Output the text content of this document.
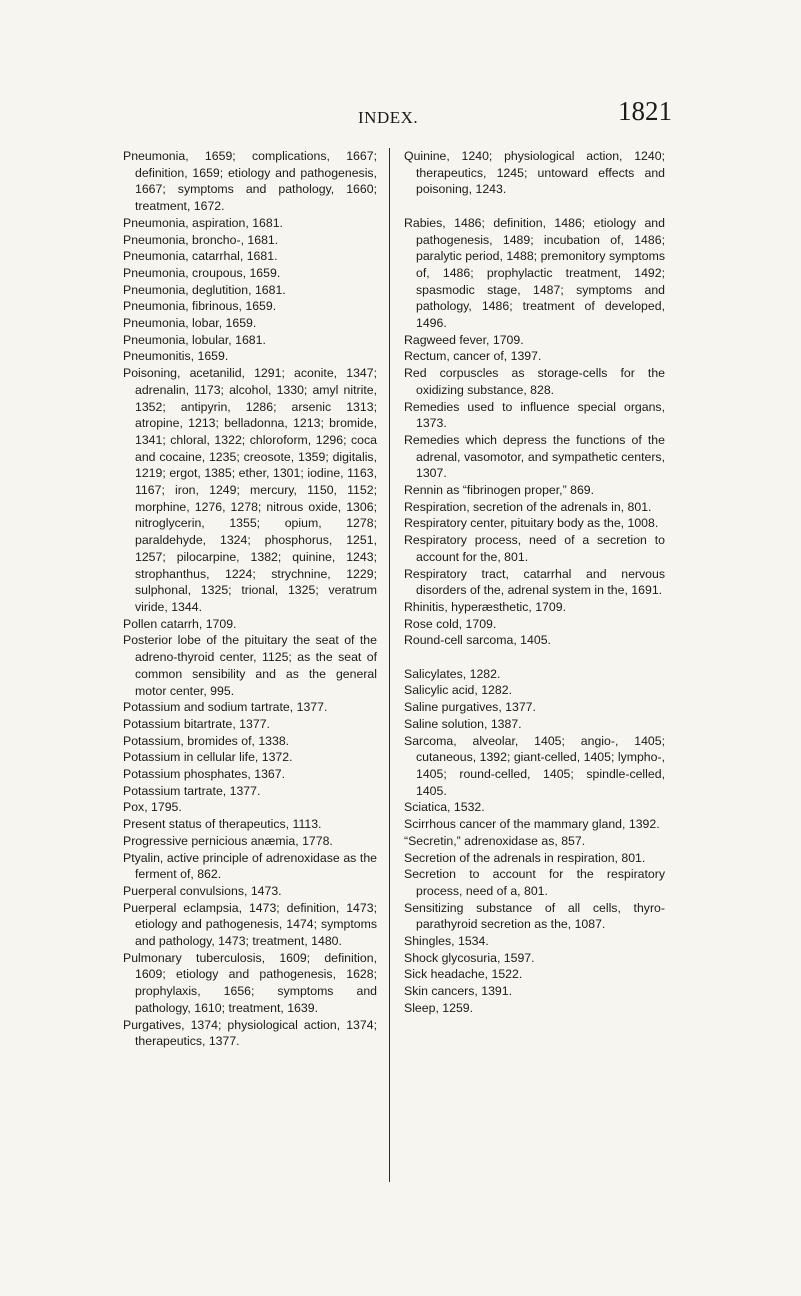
INDEX.	1821

Pneumonia, 1659; complications, 1667; definition, 1659; etiology and pathogenesis, 1667; symptoms and pathology, 1660; treatment, 1672.

Pneumonia, aspiration, 1681.

Pneumonia, broncho-, 1681.

Pneumonia, catarrhal, 1681.

Pneumonia, croupous, 1659.

Pneumonia, deglutition, 1681.

Pneumonia, fibrinous, 1659.

Pneumonia, lobar, 1659.

Pneumonia, lobular, 1681.

Pneumonitis, 1659.

Poisoning, acetanilid, 1291; aconite, 1347; adrenalin, 1173; alcohol, 1330; amyl nitrite, 1352; antipyrin, 1286; arsenic 1313; atropine, 1213; belladonna, 1213; bromide, 1341; chloral, 1322; chloroform, 1296; coca and cocaine, 1235; creosote, 1359; digitalis, 1219; ergot, 1385; ether, 1301; iodine, 1163, 1167; iron, 1249; mercury, 1150, 1152; morphine, 1276, 1278; nitrous oxide, 1306; nitroglycerin, 1355; opium, 1278; paraldehyde, 1324; phosphorus, 1251, 1257; pilocarpine, 1382; quinine, 1243; strophanthus, 1224; strychnine, 1229; sulphonal, 1325; trional, 1325; veratrum viride, 1344.

Pollen catarrh, 1709.

Posterior lobe of the pituitary the seat of the adreno-thyroid center, 1125; as the seat of common sensibility and as the general motor center, 995.

Potassium and sodium tartrate, 1377.

Potassium bitartrate, 1377.

Potassium, bromides of, 1338.

Potassium in cellular life, 1372.

Potassium phosphates, 1367.

Potassium tartrate, 1377.

Pox, 1795.

Present status of therapeutics, 1113.

Progressive pernicious anæmia, 1778.

Ptyalin, active principle of adrenoxidase as the ferment of, 862.

Puerperal convulsions, 1473.

Puerperal eclampsia, 1473; definition, 1473; etiology and pathogenesis, 1474; symptoms and pathology, 1473; treatment, 1480.

Pulmonary tuberculosis, 1609; definition, 1609; etiology and pathogenesis, 1628; prophylaxis, 1656; symptoms and pathology, 1610; treatment, 1639.

Purgatives, 1374; physiological action, 1374; therapeutics, 1377.

Quinine, 1240; physiological action, 1240; therapeutics, 1245; untoward effects and poisoning, 1243.

Rabies, 1486; definition, 1486; etiology and pathogenesis, 1489; incubation of, 1486; paralytic period, 1488; premonitory symptoms of, 1486; prophylactic treatment, 1492; spasmodic stage, 1487; symptoms and pathology, 1486; treatment of developed, 1496.

Ragweed fever, 1709.

Rectum, cancer of, 1397.

Red corpuscles as storage-cells for the oxidizing substance, 828.

Remedies used to influence special organs, 1373.

Remedies which depress the functions of the adrenal, vasomotor, and sympathetic centers, 1307.

Rennin as “fibrinogen proper,” 869.

Respiration, secretion of the adrenals in, 801.

Respiratory center, pituitary body as the, 1008.

Respiratory process, need of a secretion to account for the, 801.

Respiratory tract, catarrhal and nervous disorders of the, adrenal system in the, 1691.

Rhinitis, hyperæsthetic, 1709.

Rose cold, 1709.

Round-cell sarcoma, 1405.

Salicylates, 1282.

Salicylic acid, 1282.

Saline purgatives, 1377.

Saline solution, 1387.

Sarcoma, alveolar, 1405; angio-, 1405; cutaneous, 1392; giant-celled, 1405; lympho-, 1405; round-celled, 1405; spindle-celled, 1405.

Sciatica, 1532.

Scirrhous cancer of the mammary gland, 1392.

“Secretin,” adrenoxidase as, 857.

Secretion of the adrenals in respiration, 801.

Secretion to account for the respiratory process, need of a, 801.

Sensitizing substance of all cells, thyro-parathyroid secretion as the, 1087.

Shingles, 1534.

Shock glycosuria, 1597.

Sick headache, 1522.

Skin cancers, 1391.

Sleep, 1259.
